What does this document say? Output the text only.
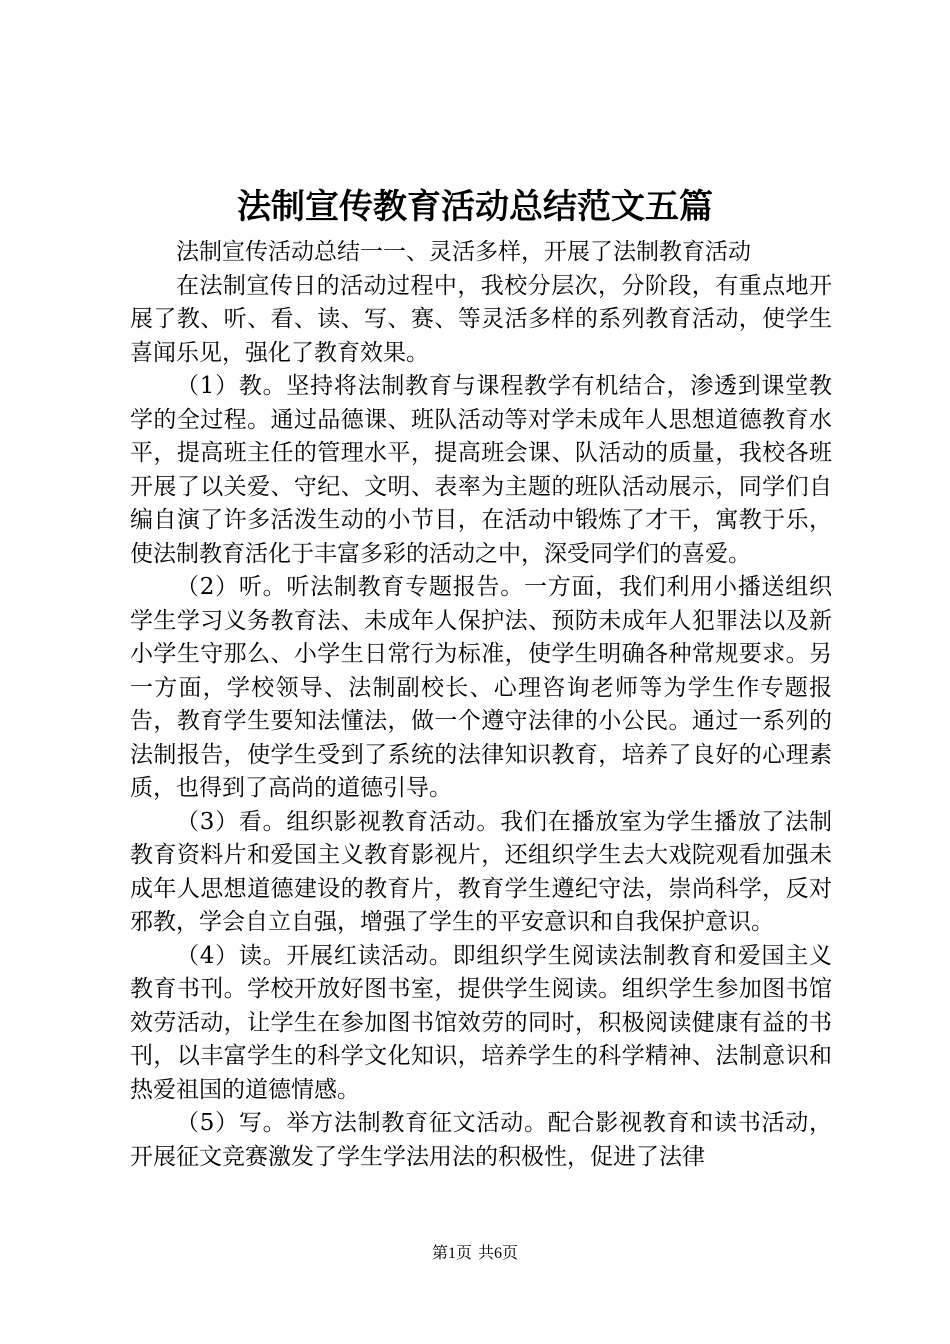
法制宣传教育活动总结范文五篇

法制宣传活动总结一一、灵活多样，开展了法制教育活动

在法制宣传日的活动过程中，我校分层次，分阶段，有重点地开展了教、听、看、读、写、赛、等灵活多样的系列教育活动，使学生喜闻乐见，强化了教育效果。

（1）教。坚持将法制教育与课程教学有机结合，渗透到课堂教学的全过程。通过品德课、班队活动等对学未成年人思想道德教育水平，提高班主任的管理水平，提高班会课、队活动的质量，我校各班开展了以关爱、守纪、文明、表率为主题的班队活动展示，同学们自编自演了许多活泼生动的小节目，在活动中锻炼了才干，寓教于乐，使法制教育活化于丰富多彩的活动之中，深受同学们的喜爱。

（2）听。听法制教育专题报告。一方面，我们利用小播送组织学生学习义务教育法、未成年人保护法、预防未成年人犯罪法以及新小学生守那么、小学生日常行为标准，使学生明确各种常规要求。另一方面，学校领导、法制副校长、心理咨询老师等为学生作专题报告，教育学生要知法懂法，做一个遵守法律的小公民。通过一系列的法制报告，使学生受到了系统的法律知识教育，培养了良好的心理素质，也得到了高尚的道德引导。

（3）看。组织影视教育活动。我们在播放室为学生播放了法制教育资料片和爱国主义教育影视片，还组织学生去大戏院观看加强未成年人思想道德建设的教育片，教育学生遵纪守法，崇尚科学，反对邪教，学会自立自强，增强了学生的平安意识和自我保护意识。

（4）读。开展红读活动。即组织学生阅读法制教育和爱国主义教育书刊。学校开放好图书室，提供学生阅读。组织学生参加图书馆效劳活动，让学生在参加图书馆效劳的同时，积极阅读健康有益的书刊，以丰富学生的科学文化知识，培养学生的科学精神、法制意识和热爱祖国的道德情感。

（5）写。举方法制教育征文活动。配合影视教育和读书活动，开展征文竞赛激发了学生学法用法的积极性，促进了法律

第1页 共6页
